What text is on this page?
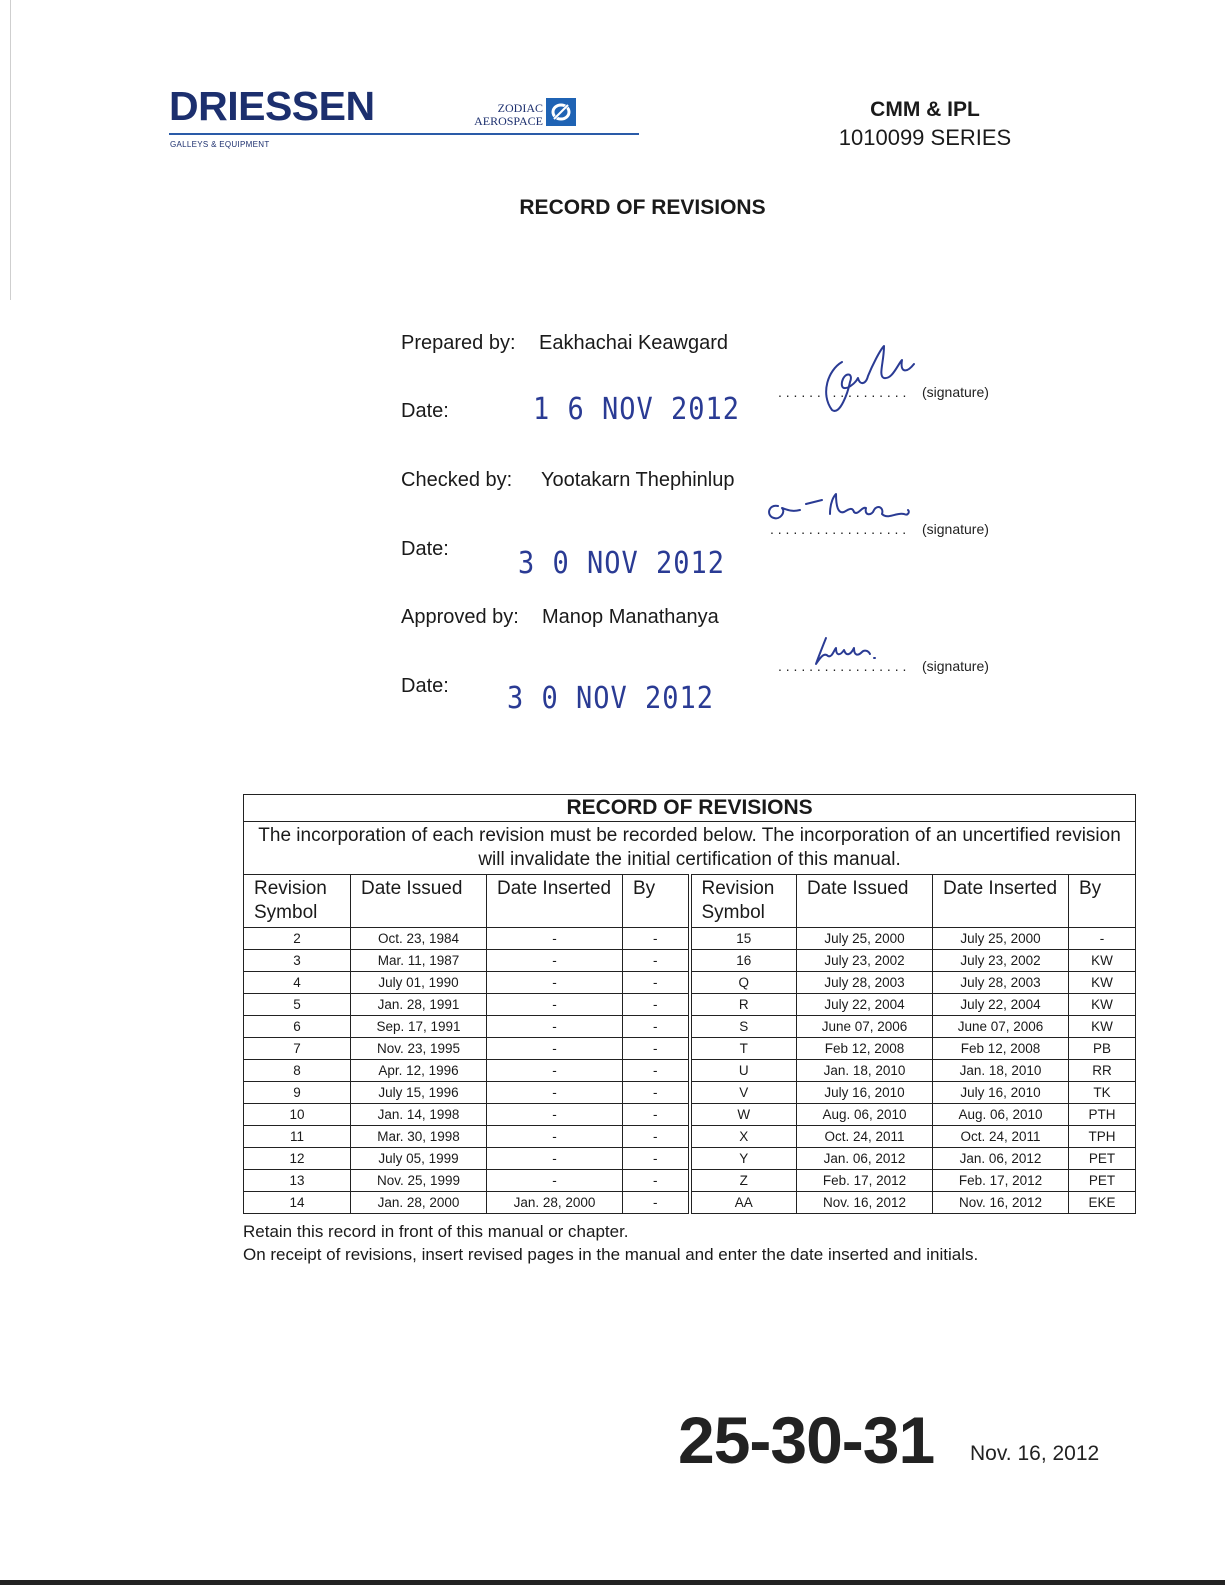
DRIESSEN
GALLEYS & EQUIPMENT
ZODIAC
AEROSPACE	CMM & IPL
1010099 SERIES
RECORD OF REVISIONS
Prepared by: Eakhachai Keawgard
Date:	1 6 NOV 2012	. . . . . . . . . . . . . . . . . (signature)
Checked by: Yootakarn Thephinlup
Date:	3 0 NOV 2012
. . . . . . . . . . . . . . . . . . (signature)
Approved by: Manop Manathanya
Date: 3 0 NOV 2012
. . . . . . . . . . . . . . . . . (signature)
RECORD OF REVISIONS							
The incorporation of each revision must be recorded below. The incorporation of an uncertified revision will invalidate the initial certification of this manual.							
Revision Symbol	Date Issued	Date Inserted	By	Revision Symbol	Date Issued	Date Inserted	By
2	Oct. 23, 1984	-	-	15	July 25, 2000	July 25, 2000	-
3	Mar. 11, 1987	-	-	16	July 23, 2002	July 23, 2002	KW
4	July 01, 1990	-	-	Q	July 28, 2003	July 28, 2003	KW
5	Jan. 28, 1991	-	-	R	July 22, 2004	July 22, 2004	KW
6	Sep. 17, 1991	-	-	S	June 07, 2006	June 07, 2006	KW
7	Nov. 23, 1995	-	-	T	Feb 12, 2008	Feb 12, 2008	PB
8	Apr. 12, 1996	-	-	U	Jan. 18, 2010	Jan. 18, 2010	RR
9	July 15, 1996	-	-	V	July 16, 2010	July 16, 2010	TK
10	Jan. 14, 1998	-	-	W	Aug. 06, 2010	Aug. 06, 2010	PTH
11	Mar. 30, 1998	-	-	X	Oct. 24, 2011	Oct. 24, 2011	TPH
12	July 05, 1999	-	-	Y	Jan. 06, 2012	Jan. 06, 2012	PET
13	Nov. 25, 1999	-	-	Z	Feb. 17, 2012	Feb. 17, 2012	PET
14	Jan. 28, 2000	Jan. 28, 2000	-	AA	Nov. 16, 2012	Nov. 16, 2012	EKE
Retain this record in front of this manual or chapter.
On receipt of revisions, insert revised pages in the manual and enter the date inserted and initials.
25-30-31 Nov. 16, 2012
